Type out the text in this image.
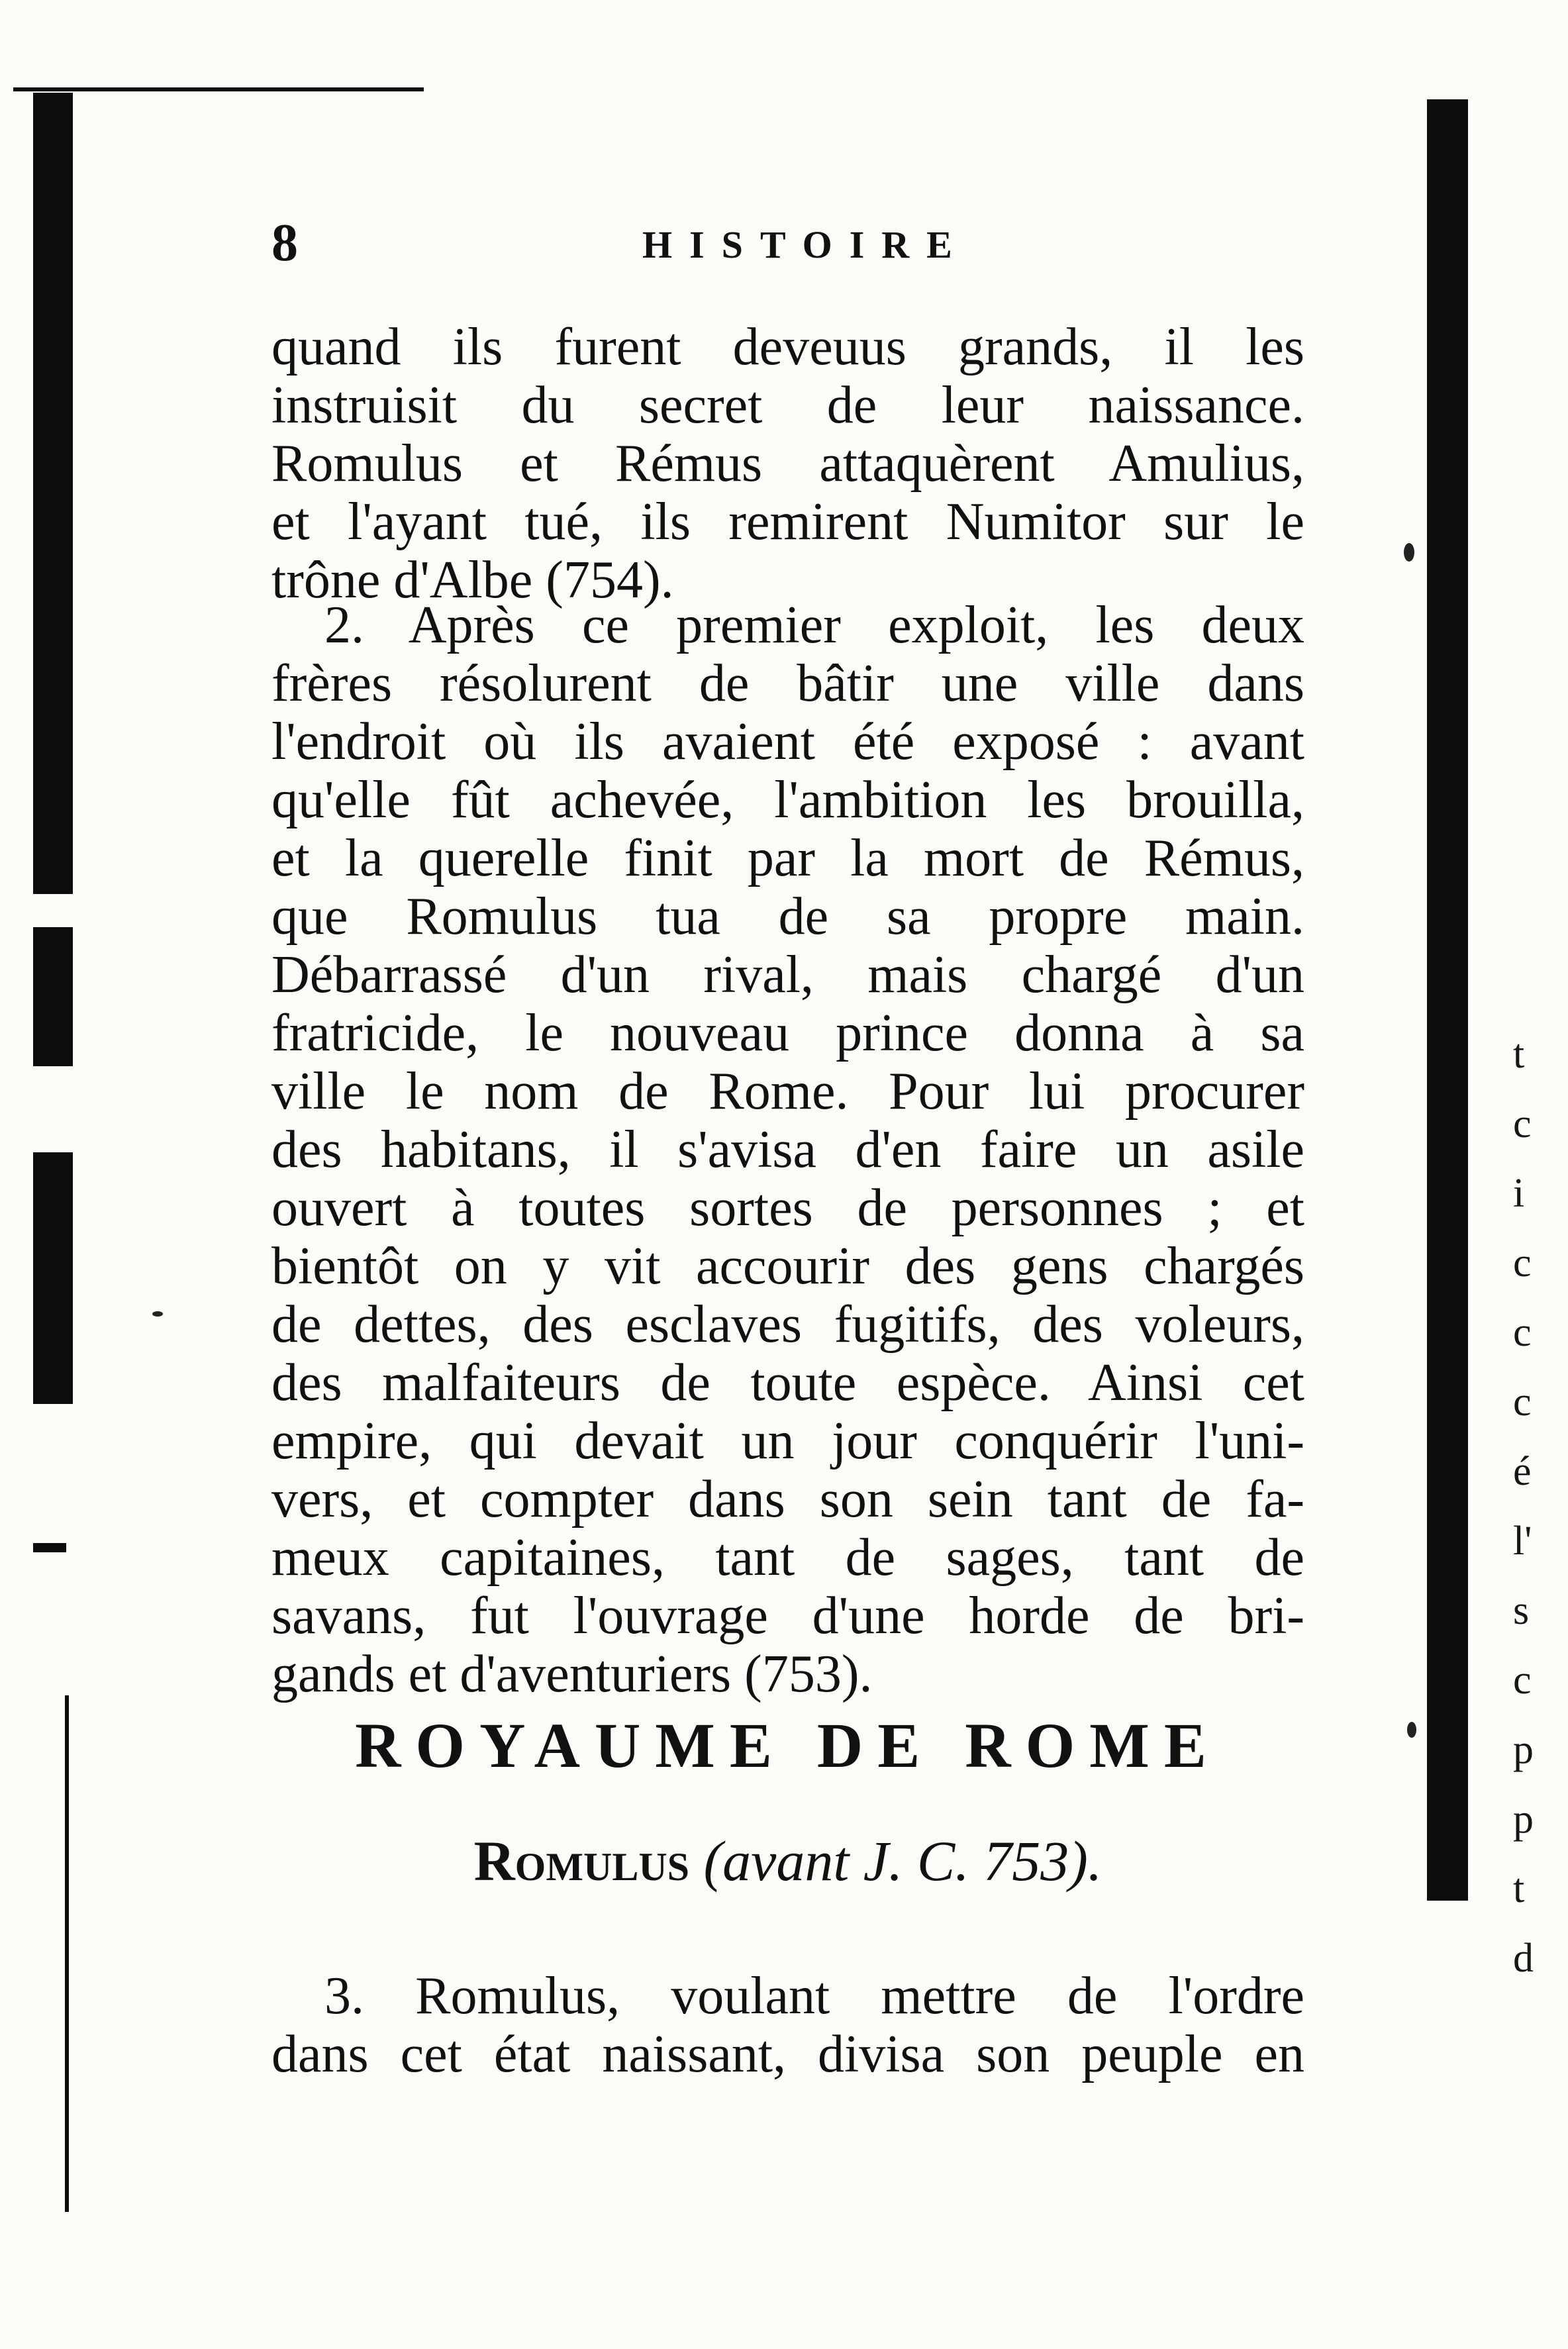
8	HISTOIRE
quand ils furent deveuus grands, il les
instruisit du secret de leur naissance.
Romulus et Rémus attaquèrent Amulius,
et l'ayant tué, ils remirent Numitor sur le
trône d'Albe (754).
2. Après ce premier exploit, les deux
frères résolurent de bâtir une ville dans
l'endroit où ils avaient été exposé : avant
qu'elle fût achevée, l'ambition les brouilla,
et la querelle finit par la mort de Rémus,
que Romulus tua de sa propre main.
Débarrassé d'un rival, mais chargé d'un
fratricide, le nouveau prince donna à sa
ville le nom de Rome. Pour lui procurer
des habitans, il s'avisa d'en faire un asile
ouvert à toutes sortes de personnes ; et
bientôt on y vit accourir des gens chargés
de dettes, des esclaves fugitifs, des voleurs,
des malfaiteurs de toute espèce. Ainsi cet
empire, qui devait un jour conquérir l'uni-
vers, et compter dans son sein tant de fa-
meux capitaines, tant de sages, tant de
savans, fut l'ouvrage d'une horde de bri-
gands et d'aventuriers (753).
ROYAUME DE ROME
Romulus (avant J. C. 753).
3. Romulus, voulant mettre de l'ordre
dans cet état naissant, divisa son peuple en
t
c
i
c
c
c
é
l'
s
c
p
p
t
d
